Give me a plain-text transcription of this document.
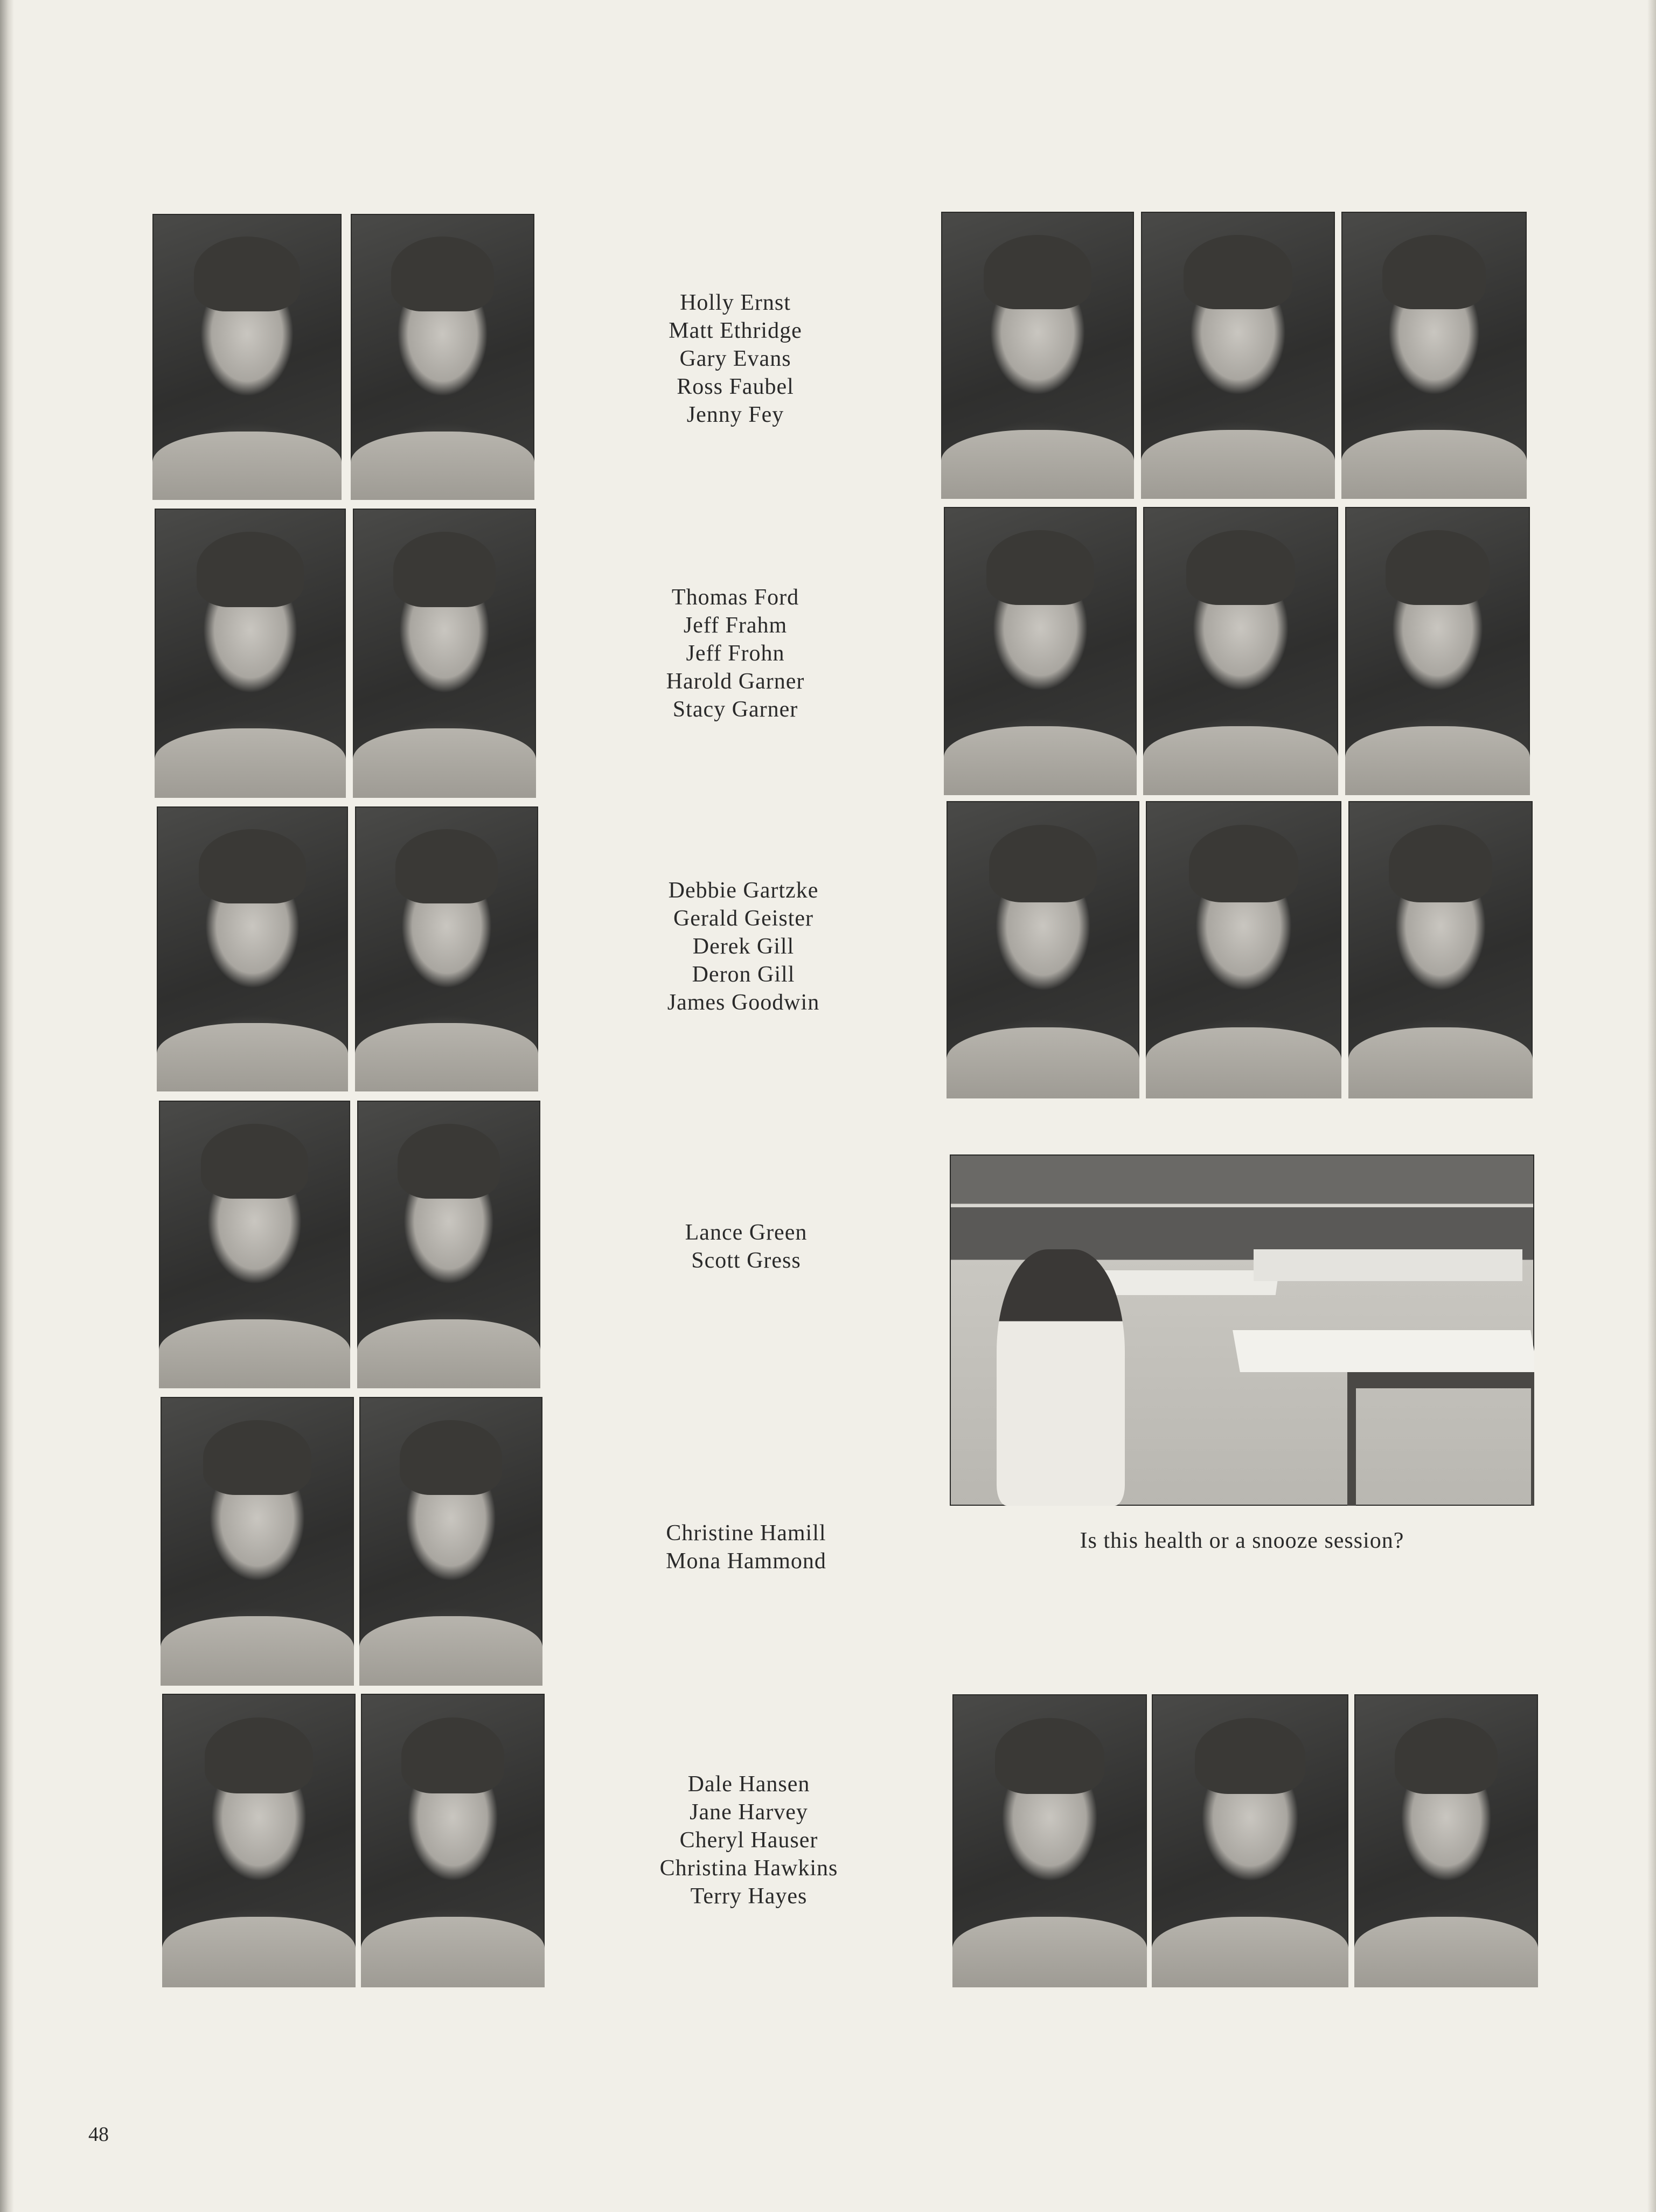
Is this health or a snooze session?
Holly Ernst
Matt Ethridge
Gary Evans
Ross Faubel
Jenny Fey
Thomas Ford
Jeff Frahm
Jeff Frohn
Harold Garner
Stacy Garner
Debbie Gartzke
Gerald Geister
Derek Gill
Deron Gill
James Goodwin
Lance Green
Scott Gress
Christine Hamill
Mona Hammond
Dale Hansen
Jane Harvey
Cheryl Hauser
Christina Hawkins
Terry Hayes
48
